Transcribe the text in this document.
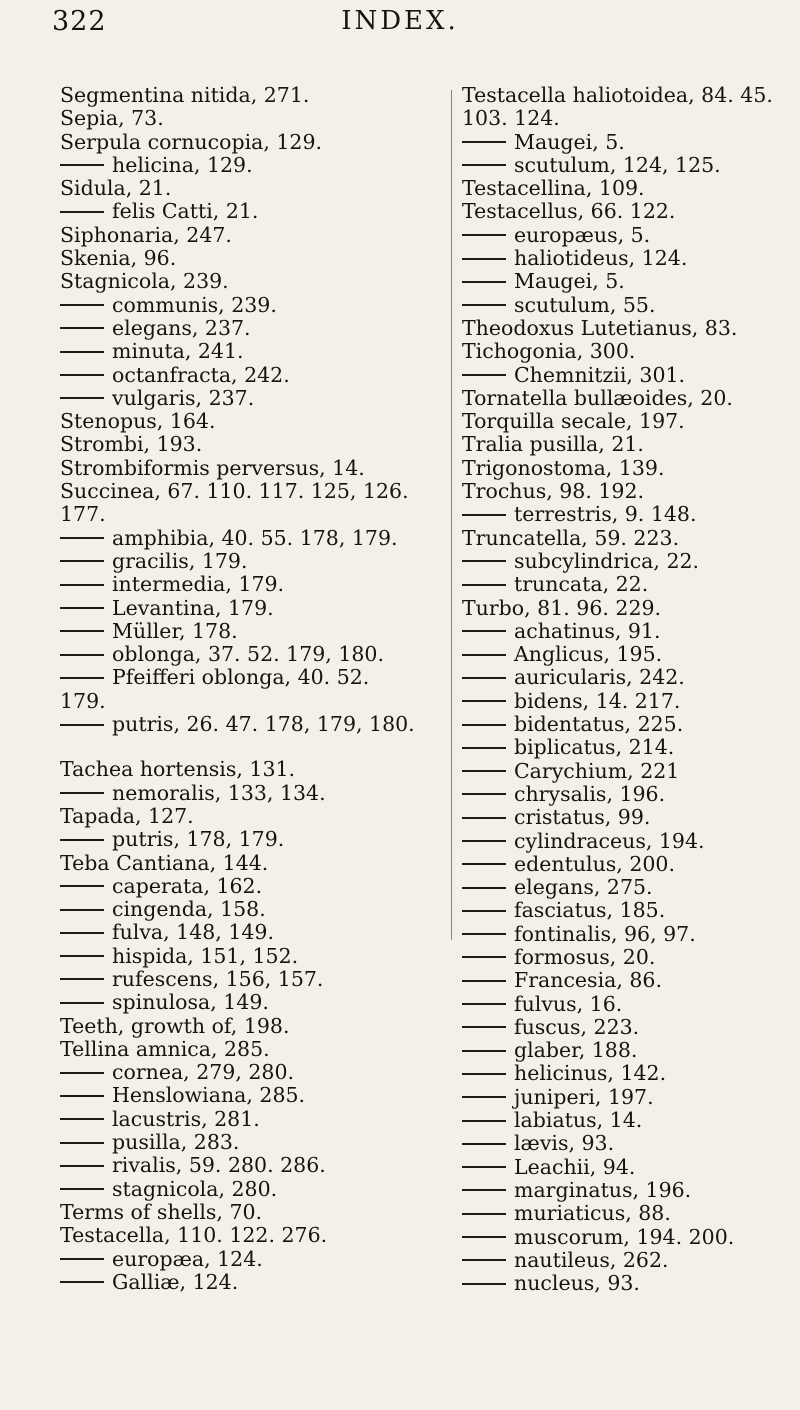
322	INDEX.
Segmentina nitida, 271.
Sepia, 73.
Serpula cornucopia, 129.
helicina, 129.
Sidula, 21.
felis Catti, 21.
Siphonaria, 247.
Skenia, 96.
Stagnicola, 239.
communis, 239.
elegans, 237.
minuta, 241.
octanfracta, 242.
vulgaris, 237.
Stenopus, 164.
Strombi, 193.
Strombiformis perversus, 14.
Succinea, 67. 110. 117. 125, 126.
177.
amphibia, 40. 55. 178, 179.
gracilis, 179.
intermedia, 179.
Levantina, 179.
Müller, 178.
oblonga, 37. 52. 179, 180.
Pfeifferi oblonga, 40. 52.
179.
putris, 26. 47. 178, 179, 180.
Tachea hortensis, 131.
nemoralis, 133, 134.
Tapada, 127.
putris, 178, 179.
Teba Cantiana, 144.
caperata, 162.
cingenda, 158.
fulva, 148, 149.
hispida, 151, 152.
rufescens, 156, 157.
spinulosa, 149.
Teeth, growth of, 198.
Tellina amnica, 285.
cornea, 279, 280.
Henslowiana, 285.
lacustris, 281.
pusilla, 283.
rivalis, 59. 280. 286.
stagnicola, 280.
Terms of shells, 70.
Testacella, 110. 122. 276.
europæa, 124.
Galliæ, 124.
Testacella haliotoidea, 84. 45.
103. 124.
Maugei, 5.
scutulum, 124, 125.
Testacellina, 109.
Testacellus, 66. 122.
europæus, 5.
haliotideus, 124.
Maugei, 5.
scutulum, 55.
Theodoxus Lutetianus, 83.
Tichogonia, 300.
Chemnitzii, 301.
Tornatella bullæoides, 20.
Torquilla secale, 197.
Tralia pusilla, 21.
Trigonostoma, 139.
Trochus, 98. 192.
terrestris, 9. 148.
Truncatella, 59. 223.
subcylindrica, 22.
truncata, 22.
Turbo, 81. 96. 229.
achatinus, 91.
Anglicus, 195.
auricularis, 242.
bidens, 14. 217.
bidentatus, 225.
biplicatus, 214.
Carychium, 221
chrysalis, 196.
cristatus, 99.
cylindraceus, 194.
edentulus, 200.
elegans, 275.
fasciatus, 185.
fontinalis, 96, 97.
formosus, 20.
Francesia, 86.
fulvus, 16.
fuscus, 223.
glaber, 188.
helicinus, 142.
juniperi, 197.
labiatus, 14.
lævis, 93.
Leachii, 94.
marginatus, 196.
muriaticus, 88.
muscorum, 194. 200.
nautileus, 262.
nucleus, 93.
